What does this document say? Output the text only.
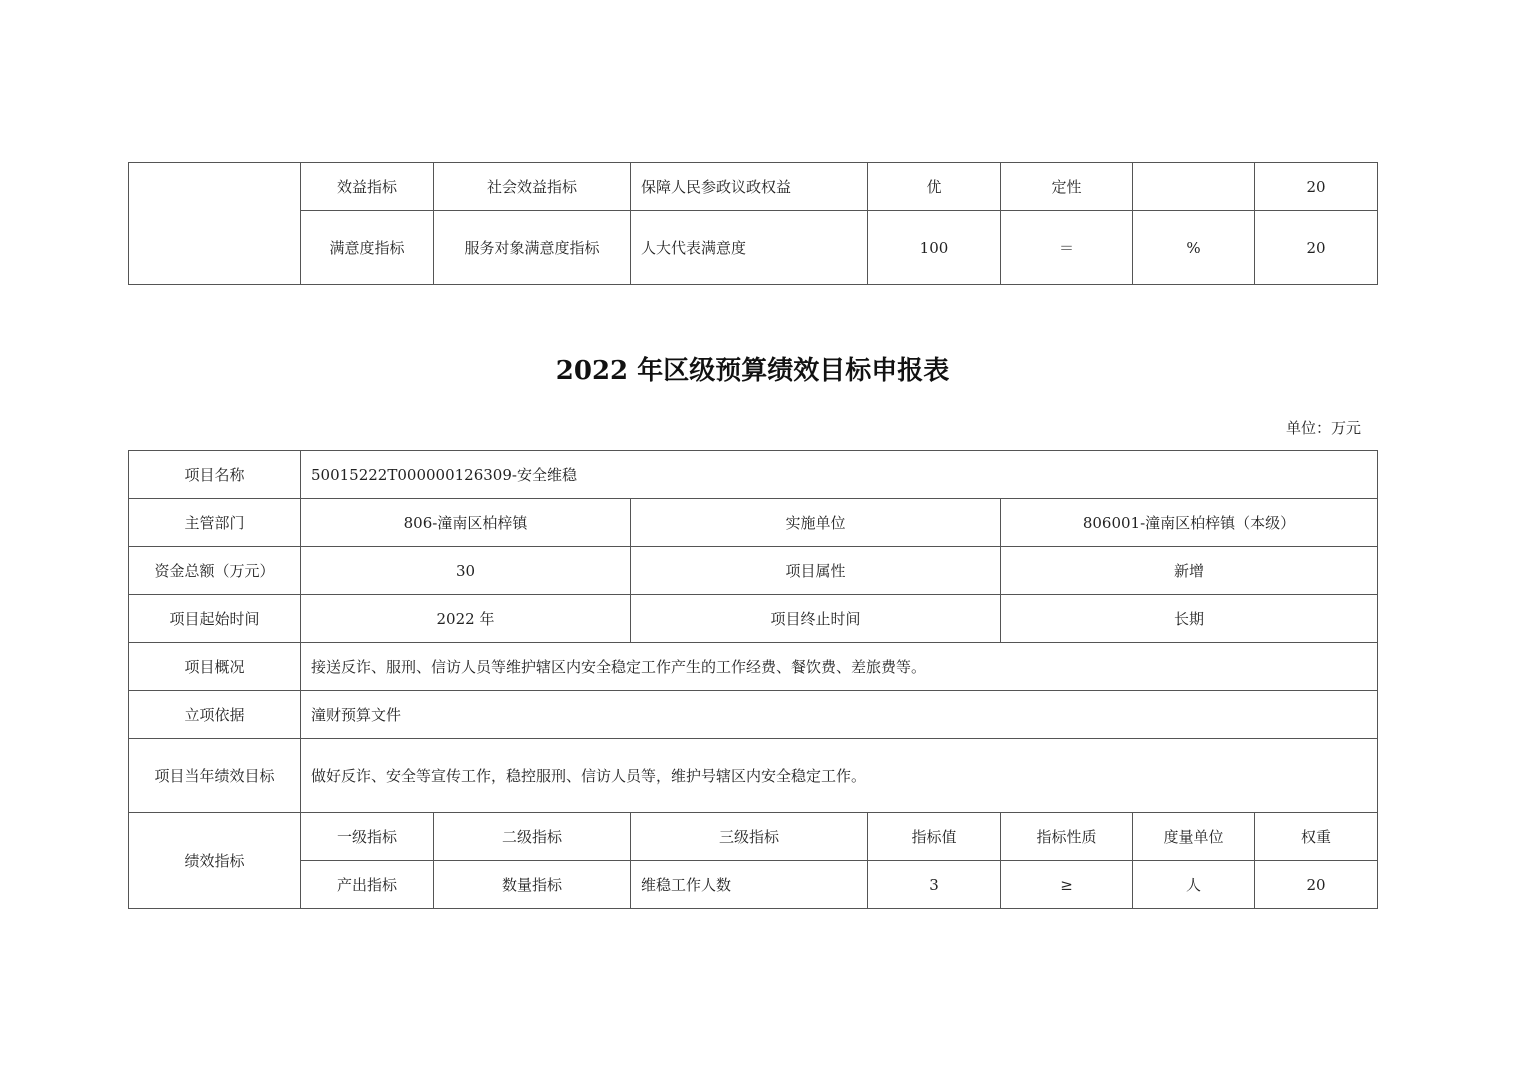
	效益指标	社会效益指标	保障人民参政议政权益	优	定性		20
	满意度指标	服务对象满意度指标	人大代表满意度	100	＝	%	20
2022 年区级预算绩效目标申报表
单位：万元
项目名称	50015222T000000126309-安全维稳						
主管部门	806-潼南区柏梓镇		实施单位		806001-潼南区柏梓镇（本级）		
资金总额（万元）	30		项目属性		新增		
项目起始时间	2022 年		项目终止时间		长期		
项目概况	接送反诈、服刑、信访人员等维护辖区内安全稳定工作产生的工作经费、餐饮费、差旅费等。						
立项依据	潼财预算文件						
项目当年绩效目标	做好反诈、安全等宣传工作，稳控服刑、信访人员等，维护号辖区内安全稳定工作。						
绩效指标	一级指标	二级指标	三级指标	指标值	指标性质	度量单位	权重
	产出指标	数量指标	维稳工作人数	3	≥	人	20
